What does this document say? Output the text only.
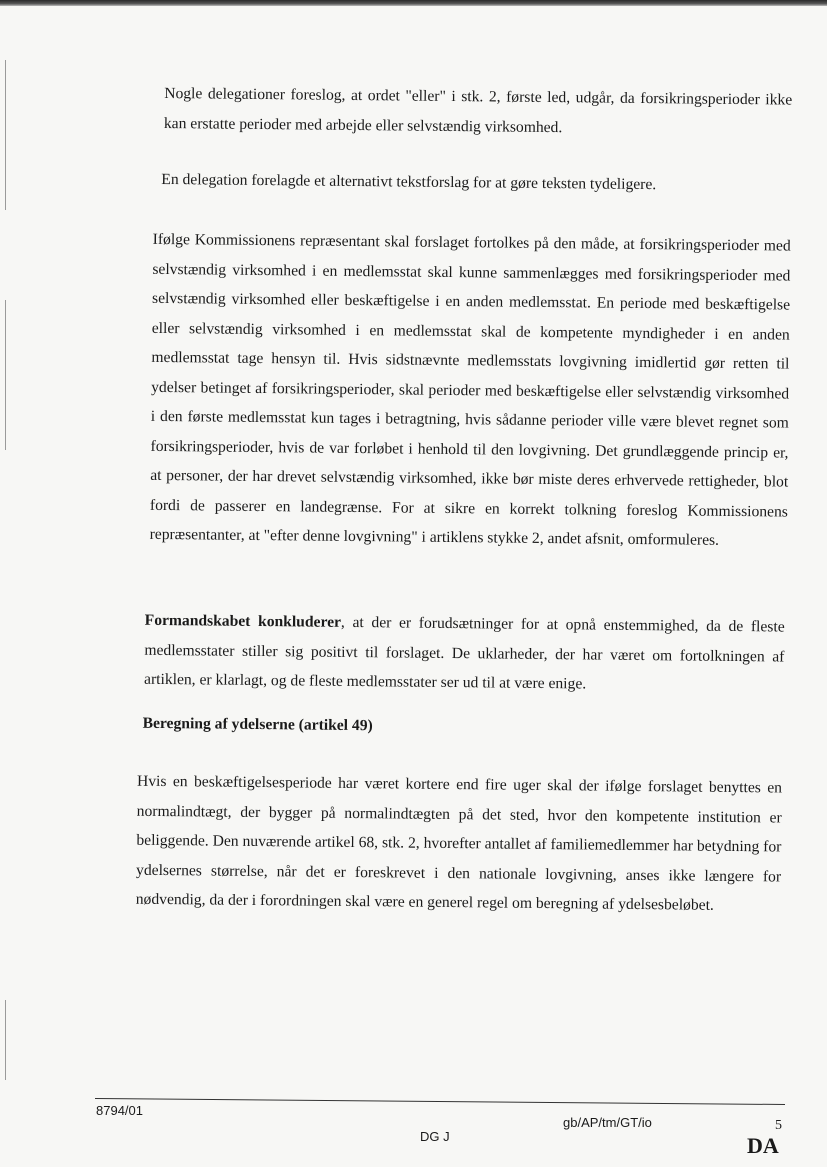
Nogle delegationer foreslog, at ordet "eller" i stk. 2, første led, udgår, da forsikringsperioder ikke kan erstatte perioder med arbejde eller selvstændig virksomhed.

En delegation forelagde et alternativt tekstforslag for at gøre teksten tydeligere.

Ifølge Kommissionens repræsentant skal forslaget fortolkes på den måde, at forsikringsperioder med selvstændig virksomhed i en medlemsstat skal kunne sammenlægges med forsikringsperioder med selvstændig virksomhed eller beskæftigelse i en anden medlemsstat. En periode med beskæftigelse eller selvstændig virksomhed i en medlemsstat skal de kompetente myndigheder i en anden medlemsstat tage hensyn til. Hvis sidstnævnte medlemsstats lovgivning imidlertid gør retten til ydelser betinget af forsikringsperioder, skal perioder med beskæftigelse eller selvstændig virksomhed i den første medlemsstat kun tages i betragtning, hvis sådanne perioder ville være blevet regnet som forsikringsperioder, hvis de var forløbet i henhold til den lovgivning. Det grundlæggende princip er, at personer, der har drevet selvstændig virksomhed, ikke bør miste deres erhvervede rettigheder, blot fordi de passerer en landegrænse. For at sikre en korrekt tolkning foreslog Kommissionens repræsentanter, at "efter denne lovgivning" i artiklens stykke 2, andet afsnit, omformuleres.

Formandskabet konkluderer, at der er forudsætninger for at opnå enstemmighed, da de fleste medlemsstater stiller sig positivt til forslaget. De uklarheder, der har været om fortolkningen af artiklen, er klarlagt, og de fleste medlemsstater ser ud til at være enige.

Beregning af ydelserne (artikel 49)

Hvis en beskæftigelsesperiode har været kortere end fire uger skal der ifølge forslaget benyttes en normalindtægt, der bygger på normalindtægten på det sted, hvor den kompetente institution er beliggende. Den nuværende artikel 68, stk. 2, hvorefter antallet af familiemedlemmer har betydning for ydelsernes størrelse, når det er foreskrevet i den nationale lovgivning, anses ikke længere for nødvendig, da der i forordningen skal være en generel regel om beregning af ydelsesbeløbet.

8794/01
DG J
gb/AP/tm/GT/io	5
DA
